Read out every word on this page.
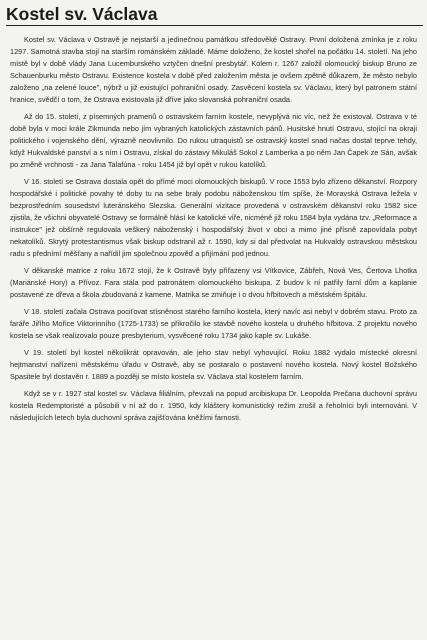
Kostel sv. Václava

Kostel sv. Václava v Ostravě je nejstarší a jedinečnou památkou středověké Ostravy. První doložená zmínka je z roku 1297. Samotná stavba stojí na starším románském základě. Máme doloženo, že kostel shořel na počátku 14. století. Na jeho místě byl v době vlády Jana Lucemburského vztyčen dnešní presbytář. Kolem r. 1267 založil olomoucký biskup Bruno ze Schauenburku město Ostravu. Existence kostela v době před založením města je ovšem zpětně důkazem, že město nebylo založeno „na zelené louce", nýbrž u již existující pohraniční osady. Zasvěcení kostela sv. Václavu, který byl patronem státní hranice, svědčí o tom, že Ostrava existovala již dříve jako slovanská pohraniční osada.

Až do 15. století, z písemných pramenů o ostravském farním kostele, nevyplývá nic víc, než že existoval. Ostrava v té době byla v moci krále Zikmunda nebo jím vybraných katolických zástavních pánů. Husitské hnutí Ostravu, stojící na okraji politického i vojenského dění, výrazně neovlivnilo. Do rukou utraquistů se ostravský kostel snad načas dostal teprve tehdy, když Hukvaldské panství a s ním i Ostravu, získal do zástavy Mikuláš Sokol z Lamberka a po něm Jan Čapek ze Sán, avšak po změně vrchnosti - za Jana Talafúna - roku 1454 již byl opět v rukou katolíků.

V 16. století se Ostrava dostala opět do přímé moci olomouckých biskupů. V roce 1553 bylo zřízeno děkanství. Rozpory hospodářské i politické povahy té doby tu na sebe braly podobu náboženskou tím spíše, že Moravská Ostrava ležela v bezprostředním sousedství luteránského Slezska. Generální vizitace provedená v ostravském děkanství roku 1582 sice zjistila, že všichni obyvatelé Ostravy se formálně hlásí ke katolické víře, nicméně již roku 1584 byla vydána tzv. „Reformace a instrukce" jež obšírně regulovala veškerý náboženský i hospodářský život v obci a mimo jiné přísně zapovídala pobyt nekatolíků. Skrytý protestantismus však biskup odstranil až r. 1590, kdy si dal předvolat na Hukvaldy ostravskou městskou radu s přednímí měšťany a nařídil jim společnou zpověď a přijímání pod jednou.

V děkanské matrice z roku 1672 stojí, že k Ostravě byly přiřazeny vsi Vítkovice, Zábřeh, Nová Ves, Čertova Lhotka (Mariánské Hory) a Přívoz. Fara stála pod patronátem olomouckého biskupa. Z budov k ní patřily farní dům a kaplanie postavené ze dřeva a škola zbudovaná z kamene. Matrika se zmiňuje i o dvou hřbitovech a městském špitálu.

V 18. století začala Ostrava pociťovat stísněnost starého farního kostela, který navíc asi nebyl v dobrém stavu. Proto za faráře Jiřího Mořice Viktorinního (1725-1733) se přikročilo ke stavbě nového kostela u druhého hřbitova. Z projektu nového kostela se však realizovalo pouze presbyterium, vysvěcené roku 1734 jako kaple sv. Lukáše.

V 19. století byl kostel několikrát opravován, ale jeho stav nebyl vyhovující. Roku 1882 vydalo místecké okresní hejtmanství nařízení městskému úřadu v Ostravě, aby se postaralo o postavení nového kostela. Nový kostel Božského Spasitele byl dostavěn r. 1889 a později se místo kostela sv. Václava stal kostelem farním.

Když se v r. 1927 stal kostel sv. Václava filiálním, převzali na popud arcibiskupa Dr. Leopolda Prečana duchovní správu kostela Redemptoristé a působili v ní až do r. 1950, kdy kláštery komunistický režim zrušil a řeholníci byli internováni. V následujících letech byla duchovní správa zajišťována kněžími farnosti.
